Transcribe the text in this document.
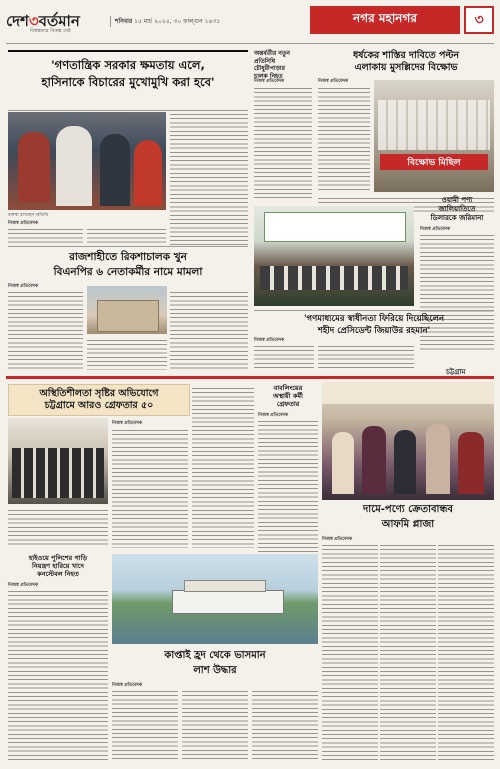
দেশ৩বর্তমান
বিশ্বস্ততার বিকল্প নেই
শনিবার ১৫ মার্চ ২০২৫, ৩০ ফাল্গুন ১৪৩১	নগর মহানগর	৩
'গণতান্ত্রিক সরকার ক্ষমতায় এলে,
হাসিনাকে বিচারের মুখোমুখি করা হবে'
বক্তব্য রাখছেন অতিথি
নিজস্ব প্রতিবেদক
অন্তর্বর্তীর নতুন প্রতিনিধি
চৌধুরীপাড়ার
চালক নিহত
নিজস্ব প্রতিবেদক
ধর্ষকের শাস্তির দাবিতে পল্টন
এলাকায় মুসল্লিদের বিক্ষোভ
নিজস্ব প্রতিবেদক
বিক্ষোভ মিছিল
রাজশাহীতে রিকশাচালক খুন
বিএনপির ৬ নেতাকর্মীর নামে মামলা
নিজস্ব প্রতিবেদক
ওয়ামী পণ্য
জালিয়াতিতে
ডিলারকে জরিমানা
নিজস্ব প্রতিবেদক
'গণমাধ্যমের স্বাধীনতা ফিরিয়ে দিয়েছিলেন
শহীদ প্রেসিডেন্ট জিয়াউর রহমান'
নিজস্ব প্রতিবেদক
চট্টগ্রাম
অস্থিতিশীলতা সৃষ্টির অভিযোগে
চট্টগ্রামে আরও গ্রেফতার ৫০
নিজস্ব প্রতিবেদক
বাবলিংয়ের
অস্থায়ী কর্মী
গ্রেফতার
নিজস্ব প্রতিবেদক
দামে-পণ্যে ক্রেতাবান্ধব
আফমি প্লাজা
নিজস্ব প্রতিবেদক
হাইওয়ে পুলিশের গাড়ি
নিয়ন্ত্রণ হারিয়ে খাদে
কনস্টেবল নিহত
নিজস্ব প্রতিবেদক
কাপ্তাই হ্রদ থেকে ভাসমান
লাশ উদ্ধার
নিজস্ব প্রতিবেদক
